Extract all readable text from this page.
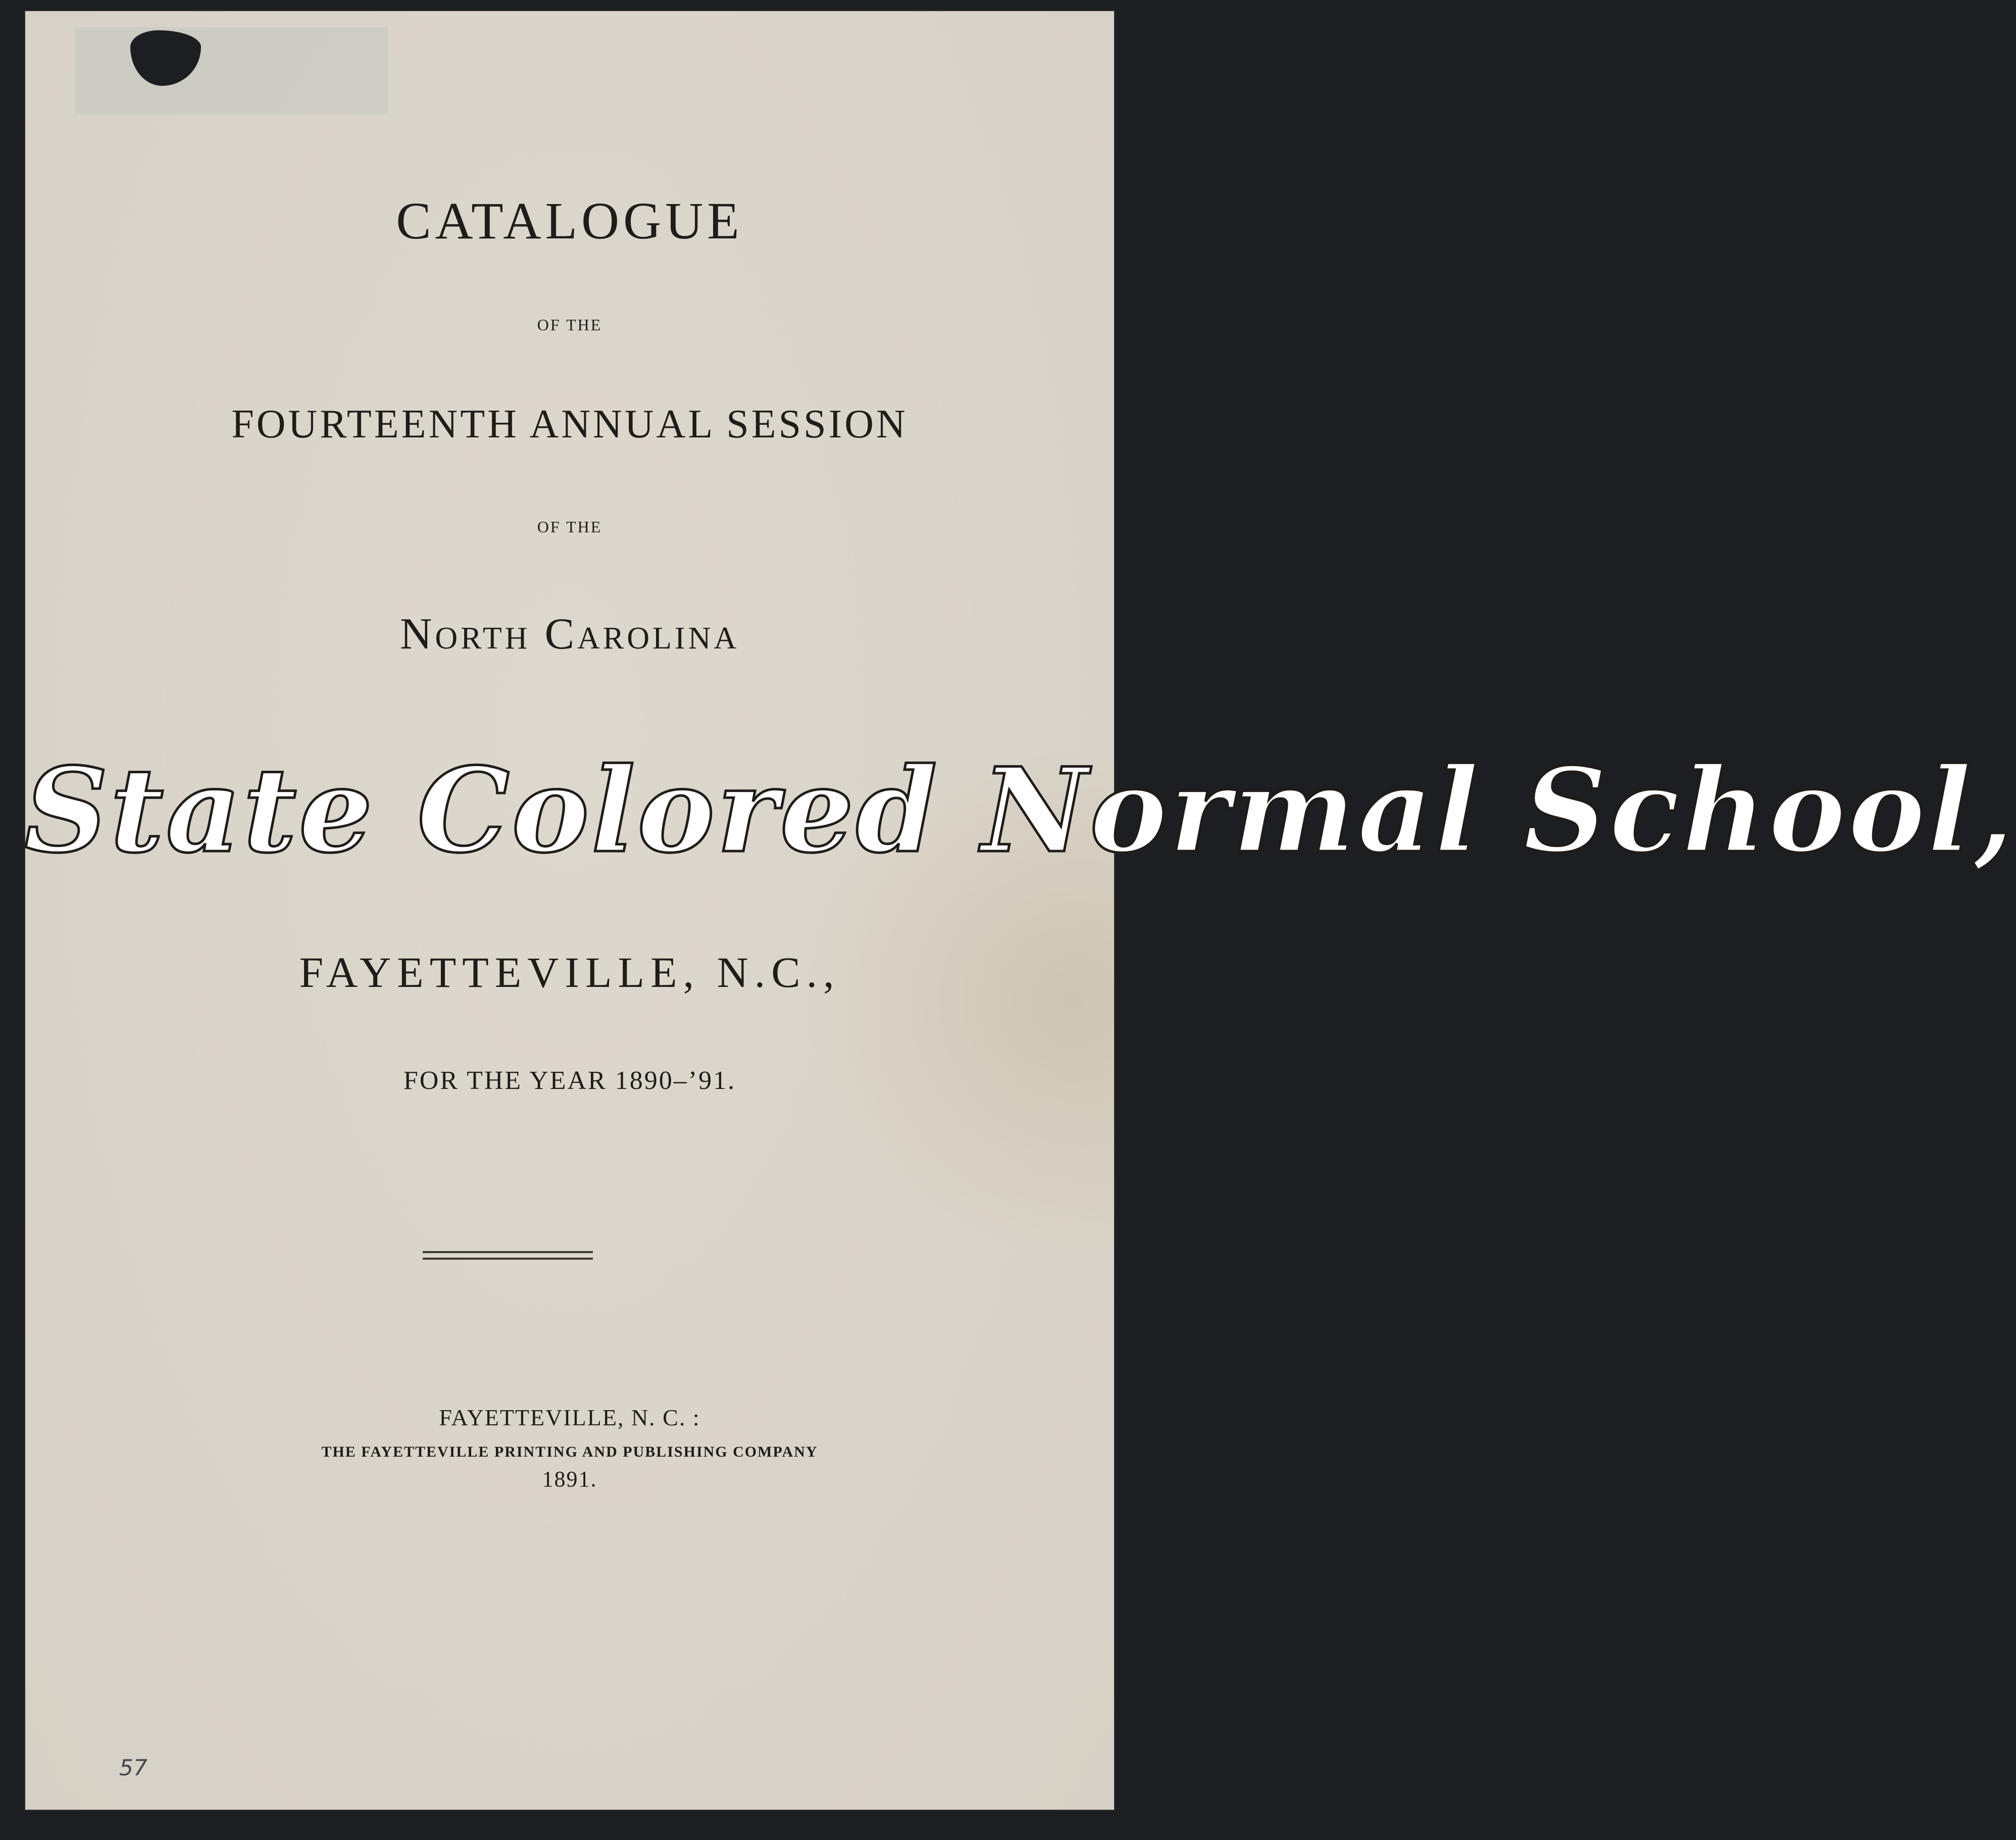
CATALOGUE
OF THE
FOURTEENTH ANNUAL SESSION
OF THE
North Carolina
State Colored Normal School,
FAYETTEVILLE, N.C.,
FOR THE YEAR 1890–’91.
FAYETTEVILLE, N. C. :
THE FAYETTEVILLE PRINTING AND PUBLISHING COMPANY
1891.
57
